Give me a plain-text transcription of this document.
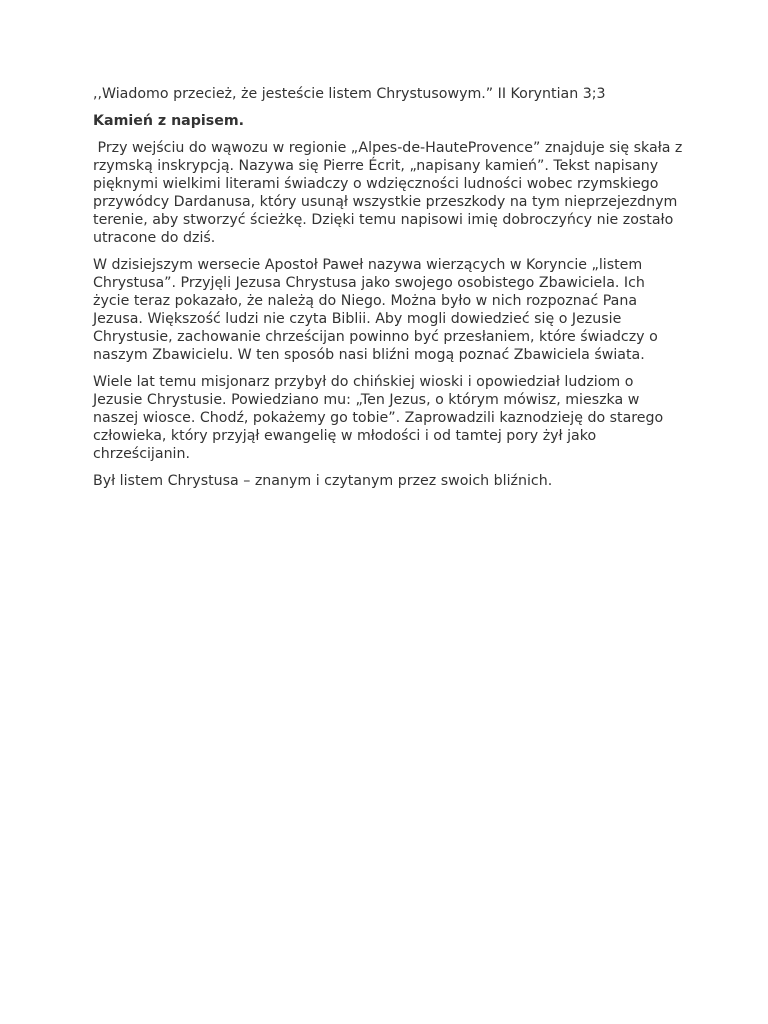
,,Wiadomo przecież, że jesteście listem Chrystusowym.” II Koryntian 3;3

Kamień z napisem.

Przy wejściu do wąwozu w regionie „Alpes-de-HauteProvence” znajduje się skała z rzymską inskrypcją. Nazywa się Pierre Écrit, „napisany kamień”. Tekst napisany pięknymi wielkimi literami świadczy o wdzięczności ludności wobec rzymskiego przywódcy Dardanusa, który usunął wszystkie przeszkody na tym nieprzejezdnym terenie, aby stworzyć ścieżkę. Dzięki temu napisowi imię dobroczyńcy nie zostało utracone do dziś.

W dzisiejszym wersecie Apostoł Paweł nazywa wierzących w Koryncie „listem Chrystusa”. Przyjęli Jezusa Chrystusa jako swojego osobistego Zbawiciela. Ich życie teraz pokazało, że należą do Niego. Można było w nich rozpoznać Pana Jezusa. Większość ludzi nie czyta Biblii. Aby mogli dowiedzieć się o Jezusie Chrystusie, zachowanie chrześcijan powinno być przesłaniem, które świadczy o naszym Zbawicielu. W ten sposób nasi bliźni mogą poznać Zbawiciela świata.

Wiele lat temu misjonarz przybył do chińskiej wioski i opowiedział ludziom o Jezusie Chrystusie. Powiedziano mu: „Ten Jezus, o którym mówisz, mieszka w naszej wiosce. Chodź, pokażemy go tobie”. Zaprowadzili kaznodzieję do starego człowieka, który przyjął ewangelię w młodości i od tamtej pory żył jako chrześcijanin.

Był listem Chrystusa – znanym i czytanym przez swoich bliźnich.
